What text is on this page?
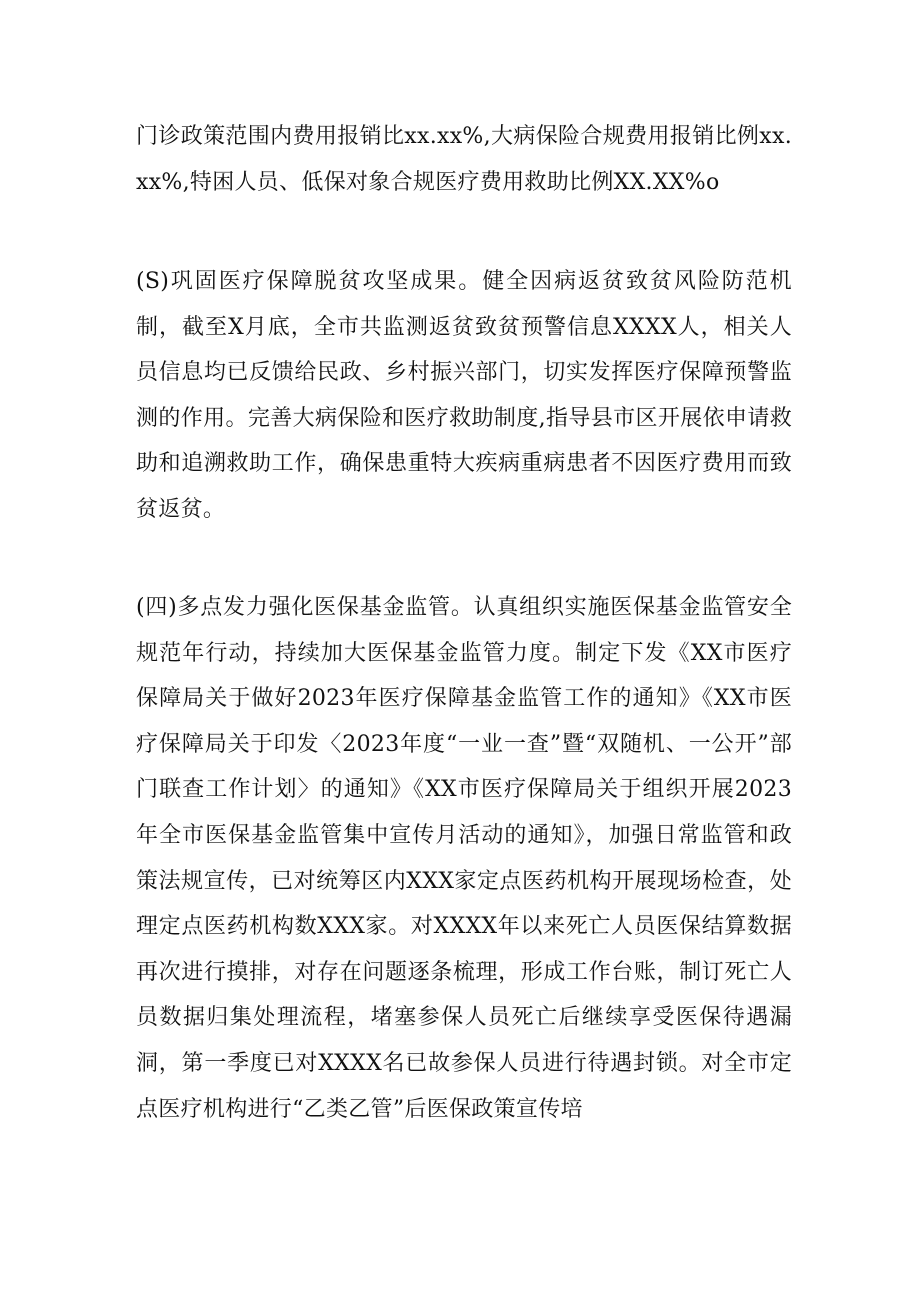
门诊政策范围内费用报销比xx.xx%,大病保险合规费用报销比例xx.xx%,特困人员、低保对象合规医疗费用救助比例XX.XX%o

(S)巩固医疗保障脱贫攻坚成果。健全因病返贫致贫风险防范机制，截至X月底，全市共监测返贫致贫预警信息XXXX人，相关人员信息均已反馈给民政、乡村振兴部门，切实发挥医疗保障预警监测的作用。完善大病保险和医疗救助制度,指导县市区开展依申请救助和追溯救助工作，确保患重特大疾病重病患者不因医疗费用而致贫返贫。

(四)多点发力强化医保基金监管。认真组织实施医保基金监管安全规范年行动，持续加大医保基金监管力度。制定下发《XX市医疗保障局关于做好2023年医疗保障基金监管工作的通知》《XX市医疗保障局关于印发〈2023年度“一业一查”暨“双随机、一公开”部门联查工作计划〉的通知》《XX市医疗保障局关于组织开展2023年全市医保基金监管集中宣传月活动的通知》，加强日常监管和政策法规宣传，已对统筹区内XXX家定点医药机构开展现场检查，处理定点医药机构数XXX家。对XXXX年以来死亡人员医保结算数据再次进行摸排，对存在问题逐条梳理，形成工作台账，制订死亡人员数据归集处理流程，堵塞参保人员死亡后继续享受医保待遇漏洞，第一季度已对XXXX名已故参保人员进行待遇封锁。对全市定点医疗机构进行“乙类乙管”后医保政策宣传培
